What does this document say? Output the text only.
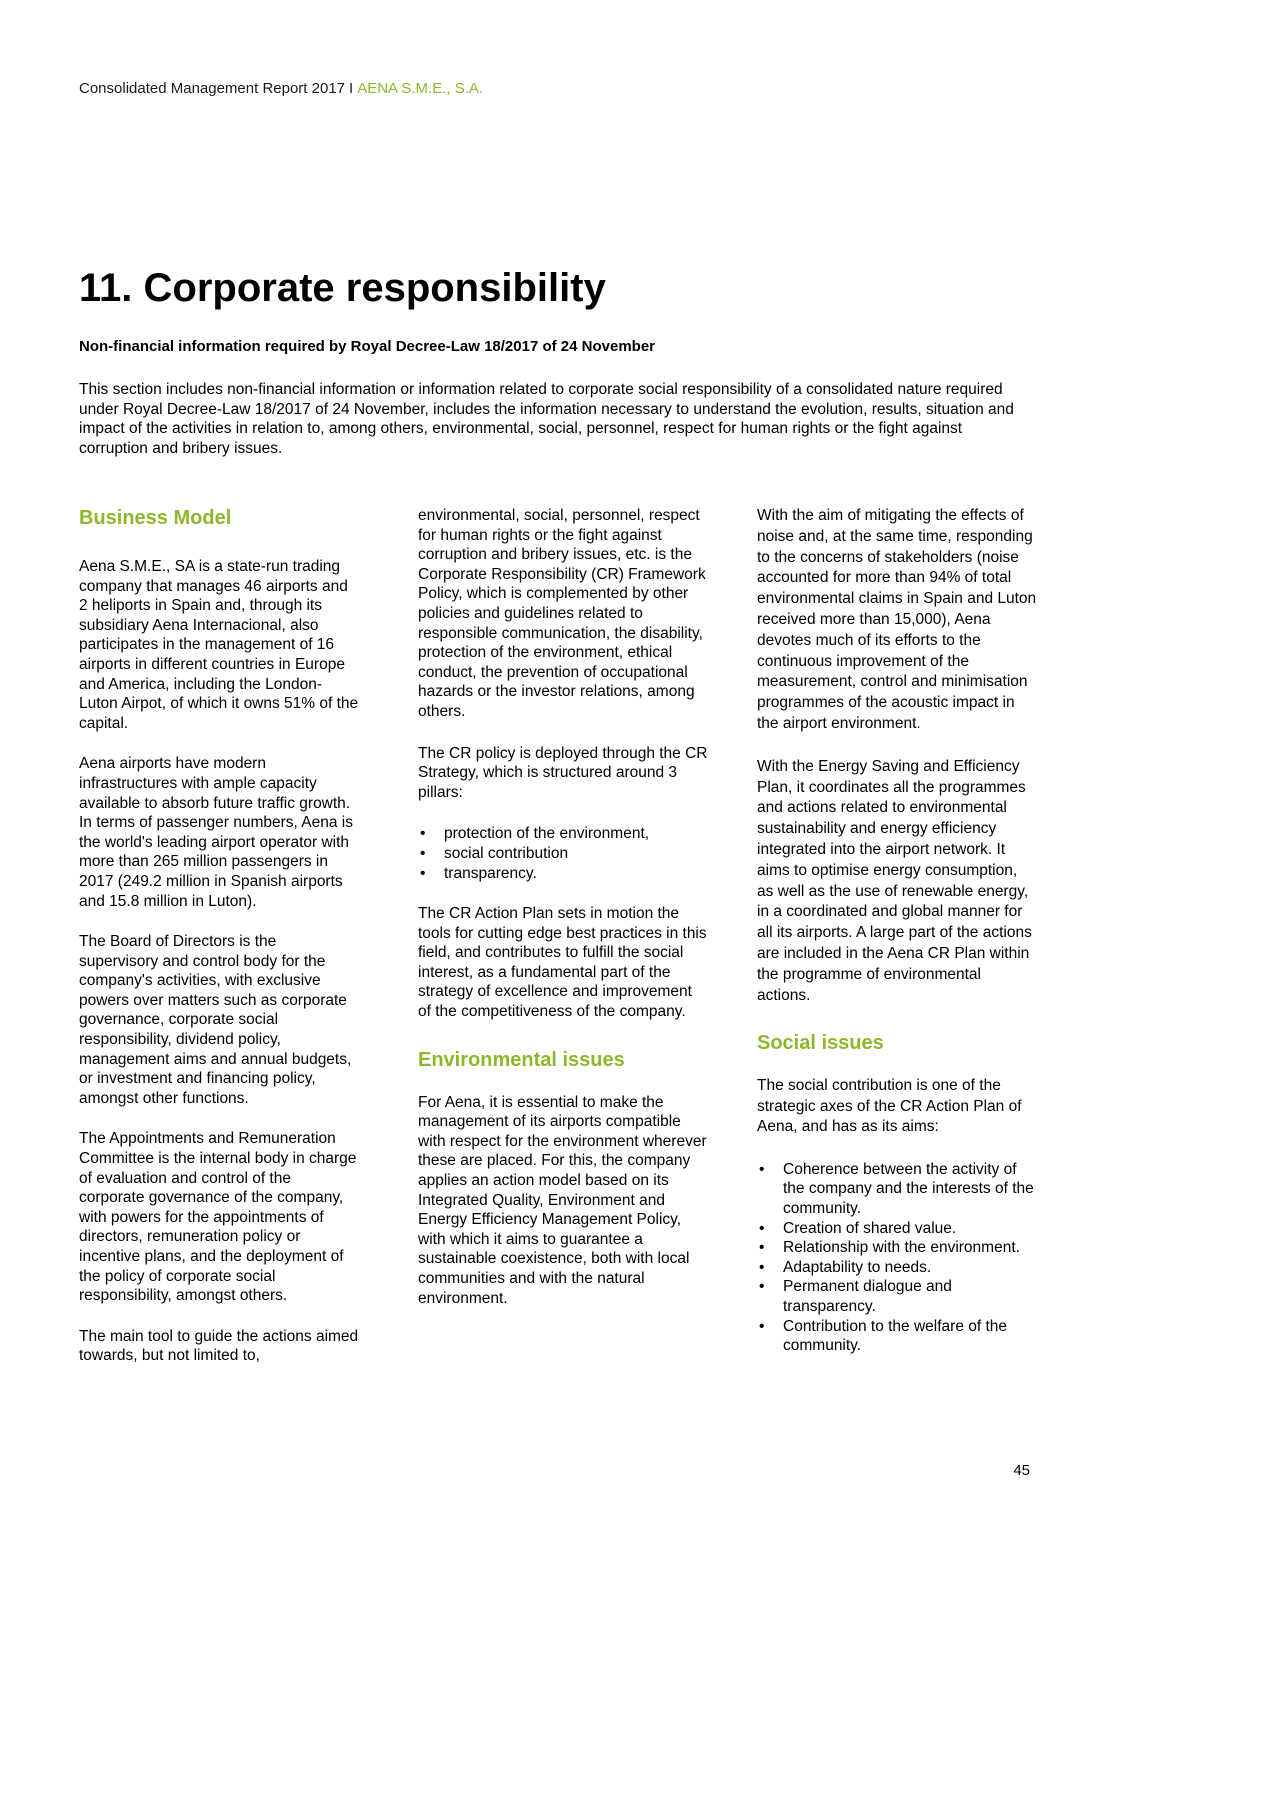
Consolidated Management Report 2017 I AENA S.M.E., S.A.
11. Corporate responsibility

Non-financial information required by Royal Decree-Law 18/2017 of 24 November

This section includes non-financial information or information related to corporate social responsibility of a consolidated nature required under Royal Decree-Law 18/2017 of 24 November, includes the information necessary to understand the evolution, results, situation and impact of the activities in relation to, among others, environmental, social, personnel, respect for human rights or the fight against corruption and bribery issues.

Business Model

Aena S.M.E., SA is a state-run trading company that manages 46 airports and 2 heliports in Spain and, through its subsidiary Aena Internacional, also participates in the management of 16 airports in different countries in Europe and America, including the London-Luton Airpot, of which it owns 51% of the capital.

Aena airports have modern infrastructures with ample capacity available to absorb future traffic growth. In terms of passenger numbers, Aena is the world's leading airport operator with more than 265 million passengers in 2017 (249.2 million in Spanish airports and 15.8 million in Luton).

The Board of Directors is the supervisory and control body for the company's activities, with exclusive powers over matters such as corporate governance, corporate social responsibility, dividend policy, management aims and annual budgets, or investment and financing policy, amongst other functions.

The Appointments and Remuneration Committee is the internal body in charge of evaluation and control of the corporate governance of the company, with powers for the appointments of directors, remuneration policy or incentive plans, and the deployment of the policy of corporate social responsibility, amongst others.

The main tool to guide the actions aimed towards, but not limited to,

environmental, social, personnel, respect for human rights or the fight against corruption and bribery issues, etc. is the Corporate Responsibility (CR) Framework Policy, which is complemented by other policies and guidelines related to responsible communication, the disability, protection of the environment, ethical conduct, the prevention of occupational hazards or the investor relations, among others.

The CR policy is deployed through the CR Strategy, which is structured around 3 pillars:

• protection of the environment,
• social contribution
• transparency.

The CR Action Plan sets in motion the tools for cutting edge best practices in this field, and contributes to fulfill the social interest, as a fundamental part of the strategy of excellence and improvement of the competitiveness of the company.

Environmental issues

For Aena, it is essential to make the management of its airports compatible with respect for the environment wherever these are placed. For this, the company applies an action model based on its Integrated Quality, Environment and Energy Efficiency Management Policy, with which it aims to guarantee a sustainable coexistence, both with local communities and with the natural environment.

With the aim of mitigating the effects of noise and, at the same time, responding to the concerns of stakeholders (noise accounted for more than 94% of total environmental claims in Spain and Luton received more than 15,000), Aena devotes much of its efforts to the continuous improvement of the measurement, control and minimisation programmes of the acoustic impact in the airport environment.

With the Energy Saving and Efficiency Plan, it coordinates all the programmes and actions related to environmental sustainability and energy efficiency integrated into the airport network. It aims to optimise energy consumption, as well as the use of renewable energy, in a coordinated and global manner for all its airports. A large part of the actions are included in the Aena CR Plan within the programme of environmental actions.

Social issues

The social contribution is one of the strategic axes of the CR Action Plan of Aena, and has as its aims:

• Coherence between the activity of the company and the interests of the community.
• Creation of shared value.
• Relationship with the environment.
• Adaptability to needs.
• Permanent dialogue and transparency.
• Contribution to the welfare of the community.
45
